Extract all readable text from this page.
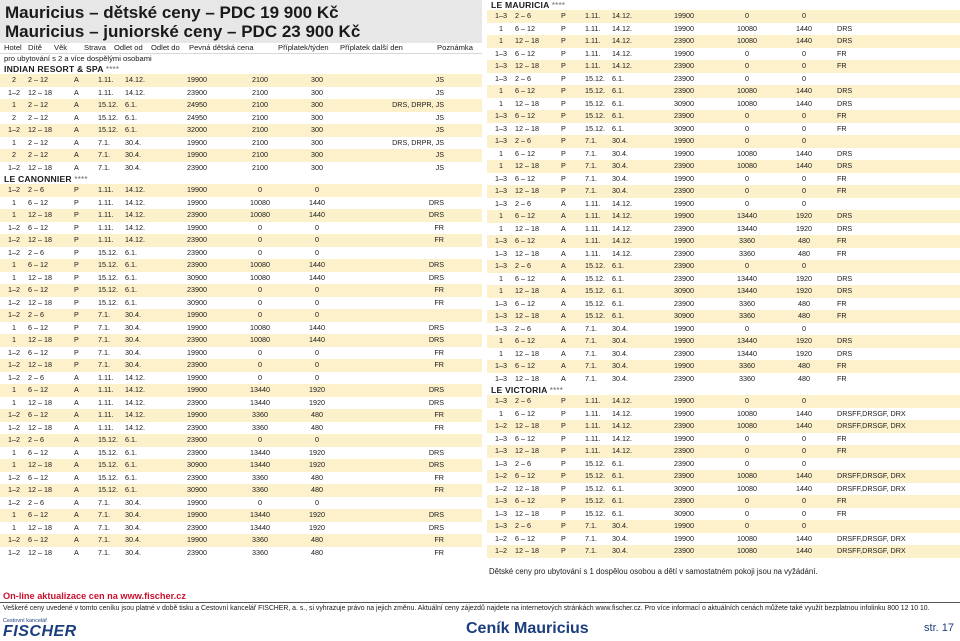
Mauricius – dětské ceny – PDC 19 900 Kč
Mauricius – juniorské ceny – PDC 23 900 Kč
Hotel Dítě	Věk	Strava	Odlet od	Odlet do	Pevná dětská cena	Příplatek/týden	Příplatek další den	Poznámka
pro ubytování s 2 a více dospělými osobami
INDIAN RESORT & SPA ****
2	2 – 12	A	1.11.	14.12.	19900	2100	300	JS
1–2	12 – 18	A	1.11.	14.12.	23900	2100	300	JS
1	2 – 12	A	15.12. 6.1.	24950	2100	300	DRS, DRPR, JS
2	2 – 12	A	15.12. 6.1.	24950	2100	300	JS
1–2	12 – 18	A	15.12. 6.1.	32000	2100	300	JS
1	2 – 12	A	7.1.	30.4.	19900	2100	300	DRS, DRPR, JS
2	2 – 12	A	7.1.	30.4.	19900	2100	300	JS
1–2	12 – 18	A	7.1.	30.4.	23900	2100	300	JS
LE CANONNIER ****
1–2	2 – 6	P	1.11.	14.12.	19900	0	0
1	6 – 12	P	1.11.	14.12.	19900	10080	1440	DRS
1	12 – 18	P	1.11.	14.12.	23900	10080	1440	DRS
1–2	6 – 12	P	1.11.	14.12.	19900	0	0	FR
1–2	12 – 18	P	1.11.	14.12.	23900	0	0	FR
1–2	2 – 6	P	15.12. 6.1.	23900	0	0
1	6 – 12	P	15.12. 6.1.	23900	10080	1440	DRS
1	12 – 18	P	15.12. 6.1.	30900	10080	1440	DRS
1–2	6 – 12	P	15.12. 6.1.	23900	0	0	FR
1–2	12 – 18	P	15.12. 6.1.	30900	0	0	FR
1–2	2 – 6	P	7.1.	30.4.	19900	0	0
1	6 – 12	P	7.1.	30.4.	19900	10080	1440	DRS
1	12 – 18	P	7.1.	30.4.	23900	10080	1440	DRS
1–2	6 – 12	P	7.1.	30.4.	19900	0	0	FR
1–2	12 – 18	P	7.1.	30.4.	23900	0	0	FR
1–2	2 – 6	A	1.11.	14.12.	19900	0	0
1	6 – 12	A	1.11.	14.12.	19900	13440	1920	DRS
1	12 – 18	A	1.11.	14.12.	23900	13440	1920	DRS
1–2	6 – 12	A	1.11.	14.12.	19900	3360	480	FR
1–2	12 – 18	A	1.11.	14.12.	23900	3360	480	FR
1–2	2 – 6	A	15.12. 6.1.	23900	0	0
1	6 – 12	A	15.12. 6.1.	23900	13440	1920	DRS
1	12 – 18	A	15.12. 6.1.	30900	13440	1920	DRS
1–2	6 – 12	A	15.12. 6.1.	23900	3360	480	FR
1–2	12 – 18	A	15.12. 6.1.	30900	3360	480	FR
1–2	2 – 6	A	7.1.	30.4.	19900	0	0
1	6 – 12	A	7.1.	30.4.	19900	13440	1920	DRS
1	12 – 18	A	7.1.	30.4.	23900	13440	1920	DRS
1–2	6 – 12	A	7.1.	30.4.	19900	3360	480	FR
1–2	12 – 18	A	7.1.	30.4.	23900	3360	480	FR
LE MAURICIA ****
1–3	2 – 6	P	1.11.	14.12.	19900	0	0
1	6 – 12	P	1.11.	14.12.	19900	10080	1440	DRS
1	12 – 18	P	1.11.	14.12.	23900	10080	1440	DRS
1–3	6 – 12	P	1.11.	14.12.	19900	0	0	FR
1–3	12 – 18	P	1.11.	14.12.	23900	0	0	FR
1–3	2 – 6	P	15.12. 6.1.	23900	0	0
1	6 – 12	P	15.12. 6.1.	23900	10080	1440	DRS
1	12 – 18	P	15.12. 6.1.	30900	10080	1440	DRS
1–3	6 – 12	P	15.12. 6.1.	23900	0	0	FR
1–3	12 – 18	P	15.12. 6.1.	30900	0	0	FR
1–3	2 – 6	P	7.1.	30.4.	19900	0	0
1	6 – 12	P	7.1.	30.4.	19900	10080	1440	DRS
1	12 – 18	P	7.1.	30.4.	23900	10080	1440	DRS
1–3	6 – 12	P	7.1.	30.4.	19900	0	0	FR
1–3	12 – 18	P	7.1.	30.4.	23900	0	0	FR
1–3	2 – 6	A	1.11.	14.12.	19900	0	0
1	6 – 12	A	1.11.	14.12.	19900	13440	1920	DRS
1	12 – 18	A	1.11.	14.12.	23900	13440	1920	DRS
1–3	6 – 12	A	1.11.	14.12.	19900	3360	480	FR
1–3	12 – 18	A	1.11.	14.12.	23900	3360	480	FR
1–3	2 – 6	A	15.12. 6.1.	23900	0	0
1	6 – 12	A	15.12. 6.1.	23900	13440	1920	DRS
1	12 – 18	A	15.12. 6.1.	30900	13440	1920	DRS
1–3	6 – 12	A	15.12. 6.1.	23900	3360	480	FR
1–3	12 – 18	A	15.12. 6.1.	30900	3360	480	FR
1–3	2 – 6	A	7.1.	30.4.	19900	0	0
1	6 – 12	A	7.1.	30.4.	19900	13440	1920	DRS
1	12 – 18	A	7.1.	30.4.	23900	13440	1920	DRS
1–3	6 – 12	A	7.1.	30.4.	19900	3360	480	FR
1–3	12 – 18	A	7.1.	30.4.	23900	3360	480	FR
LE VICTORIA ****
1–3	2 – 6	P	1.11.	14.12.	19900	0	0
1	6 – 12	P	1.11.	14.12.	19900	10080	1440	DRSFF,DRSGF, DRX
1–2	12 – 18	P	1.11.	14.12.	23900	10080	1440	DRSFF,DRSGF, DRX
1–3	6 – 12	P	1.11.	14.12.	19900	0	0	FR
1–3	12 – 18	P	1.11.	14.12.	23900	0	0	FR
1–3	2 – 6	P	15.12. 6.1.	23900	0	0
1–2	6 – 12	P	15.12. 6.1.	23900	10080	1440	DRSFF,DRSGF, DRX
1–2	12 – 18	P	15.12. 6.1.	30900	10080	1440	DRSFF,DRSGF, DRX
1–3	6 – 12	P	15.12. 6.1.	23900	0	0	FR
1–3	12 – 18	P	15.12. 6.1.	30900	0	0	FR
1–3	2 – 6	P	7.1.	30.4.	19900	0	0
1–2	6 – 12	P	7.1.	30.4.	19900	10080	1440	DRSFF,DRSGF, DRX
1–2	12 – 18	P	7.1.	30.4.	23900	10080	1440	DRSFF,DRSGF, DRX
Dětské ceny pro ubytování s 1 dospělou osobou a dětí v samostatném pokoji jsou na vyžádání.
On-line aktualizace cen na www.fischer.cz
Veškeré ceny uvedené v tomto ceníku jsou platné v době tisku a Cestovní kancelář FISCHER, a. s., si vyhrazuje právo na jejich změnu. Aktuální ceny zájezdů najdete na internetových stránkách www.fischer.cz. Pro více informací o aktuálních cenách můžete také využít bezplatnou infolinku 800 12 10 10.
Cestovní kancelář
FISCHER	Ceník Mauricius	str. 17
